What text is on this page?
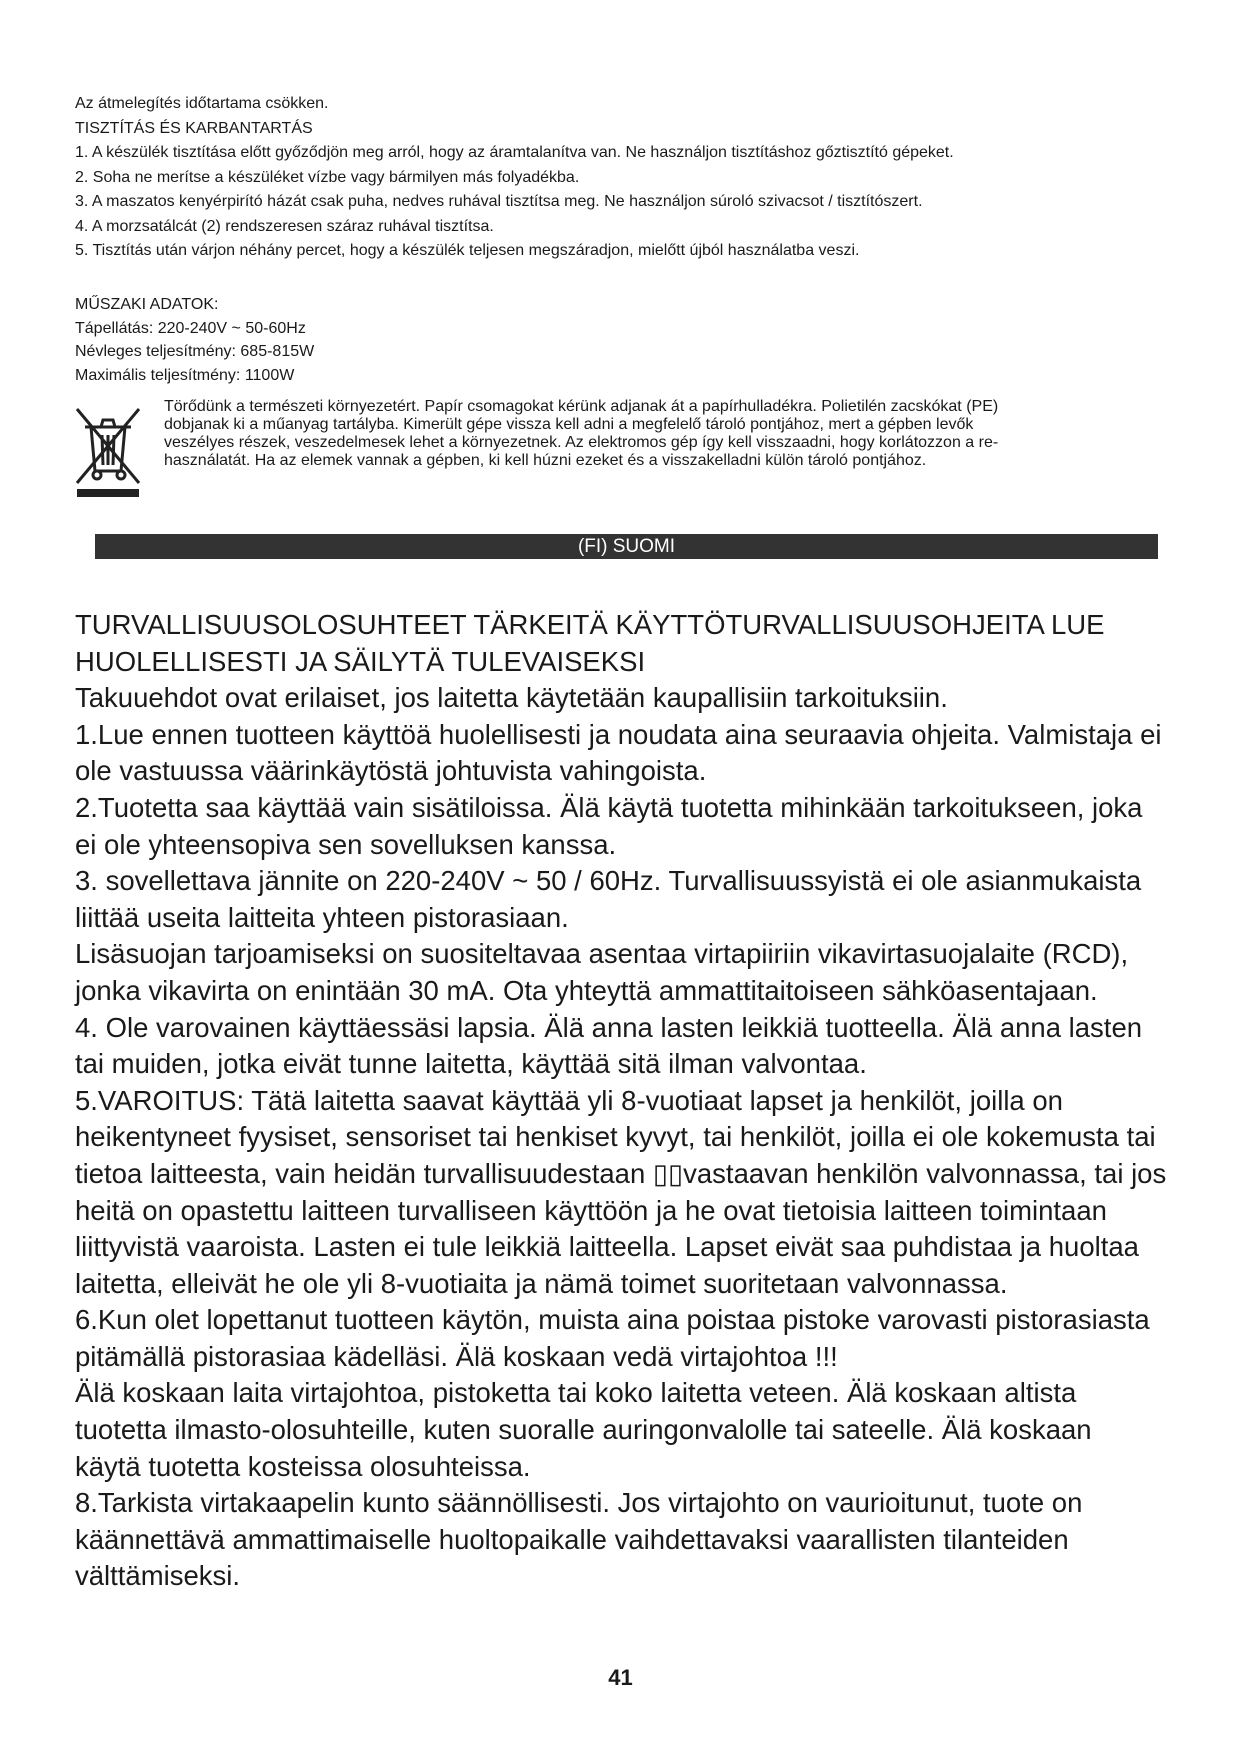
Az átmelegítés időtartama csökken.

TISZTÍTÁS ÉS KARBANTARTÁS

1. A készülék tisztítása előtt győződjön meg arról, hogy az áramtalanítva van. Ne használjon tisztításhoz gőztisztító gépeket.

2. Soha ne merítse a készüléket vízbe vagy bármilyen más folyadékba.

3. A maszatos kenyérpirító házát csak puha, nedves ruhával tisztítsa meg. Ne használjon súroló szivacsot / tisztítószert.

4. A morzsatálcát (2) rendszeresen száraz ruhával tisztítsa.

5. Tisztítás után várjon néhány percet, hogy a készülék teljesen megszáradjon, mielőtt újból használatba veszi.

MŰSZAKI ADATOK:

Tápellátás: 220-240V ~ 50-60Hz

Névleges teljesítmény: 685-815W

Maximális teljesítmény: 1100W

Törődünk a természeti környezetért. Papír csomagokat kérünk adjanak át a papírhulladékra. Polietilén zacskókat (PE)

dobjanak ki a műanyag tartályba. Kimerült gépe vissza kell adni a megfelelő tároló pontjához, mert a gépben levők

veszélyes részek, veszedelmesek lehet a környezetnek. Az elektromos gép így kell visszaadni, hogy korlátozzon a re-

használatát. Ha az elemek vannak a gépben, ki kell húzni ezeket és a visszakelladni külön tároló pontjához.

(FI) SUOMI

TURVALLISUUSOLOSUHTEET TÄRKEITÄ KÄYTTÖTURVALLISUUSOHJEITA LUE

HUOLELLISESTI JA SÄILYTÄ TULEVAISEKSI

Takuuehdot ovat erilaiset, jos laitetta käytetään kaupallisiin tarkoituksiin.

1.Lue ennen tuotteen käyttöä huolellisesti ja noudata aina seuraavia ohjeita. Valmistaja ei

ole vastuussa väärinkäytöstä johtuvista vahingoista.

2.Tuotetta saa käyttää vain sisätiloissa. Älä käytä tuotetta mihinkään tarkoitukseen, joka

ei ole yhteensopiva sen sovelluksen kanssa.

3. sovellettava jännite on 220-240V ~ 50 / 60Hz. Turvallisuussyistä ei ole asianmukaista

liittää useita laitteita yhteen pistorasiaan.

Lisäsuojan tarjoamiseksi on suositeltavaa asentaa virtapiiriin vikavirtasuojalaite (RCD),

jonka vikavirta on enintään 30 mA. Ota yhteyttä ammattitaitoiseen sähköasentajaan.

4. Ole varovainen käyttäessäsi lapsia. Älä anna lasten leikkiä tuotteella. Älä anna lasten

tai muiden, jotka eivät tunne laitetta, käyttää sitä ilman valvontaa.

5.VAROITUS: Tätä laitetta saavat käyttää yli 8-vuotiaat lapset ja henkilöt, joilla on

heikentyneet fyysiset, sensoriset tai henkiset kyvyt, tai henkilöt, joilla ei ole kokemusta tai

tietoa laitteesta, vain heidän turvallisuudestaan ▯▯vastaavan henkilön valvonnassa, tai jos

heitä on opastettu laitteen turvalliseen käyttöön ja he ovat tietoisia laitteen toimintaan

liittyvistä vaaroista. Lasten ei tule leikkiä laitteella. Lapset eivät saa puhdistaa ja huoltaa

laitetta, elleivät he ole yli 8-vuotiaita ja nämä toimet suoritetaan valvonnassa.

6.Kun olet lopettanut tuotteen käytön, muista aina poistaa pistoke varovasti pistorasiasta

pitämällä pistorasiaa kädelläsi. Älä koskaan vedä virtajohtoa !!!

Älä koskaan laita virtajohtoa, pistoketta tai koko laitetta veteen. Älä koskaan altista

tuotetta ilmasto-olosuhteille, kuten suoralle auringonvalolle tai sateelle. Älä koskaan

käytä tuotetta kosteissa olosuhteissa.

8.Tarkista virtakaapelin kunto säännöllisesti. Jos virtajohto on vaurioitunut, tuote on

käännettävä ammattimaiselle huoltopaikalle vaihdettavaksi vaarallisten tilanteiden

välttämiseksi.

41
